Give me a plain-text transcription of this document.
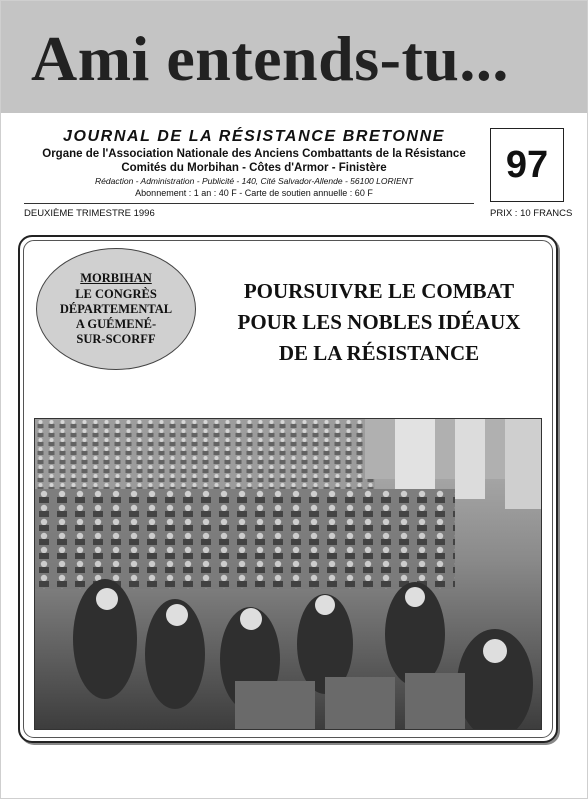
Ami entends-tu...
JOURNAL DE LA RÉSISTANCE BRETONNE
Organe de l'Association Nationale des Anciens Combattants de la Résistance
Comités du Morbihan - Côtes d'Armor - Finistère
Rédaction - Administration - Publicité - 140, Cité Salvador-Allende - 56100 LORIENT
Abonnement : 1 an : 40 F - Carte de soutien annuelle : 60 F
97
DEUXIÈME TRIMESTRE 1996	PRIX : 10 FRANCS
MORBIHAN
LE CONGRÈS
DÉPARTEMENTAL
A GUÉMENÉ-
SUR-SCORFF
POURSUIVRE LE COMBAT
POUR LES NOBLES IDÉAUX
DE LA RÉSISTANCE
